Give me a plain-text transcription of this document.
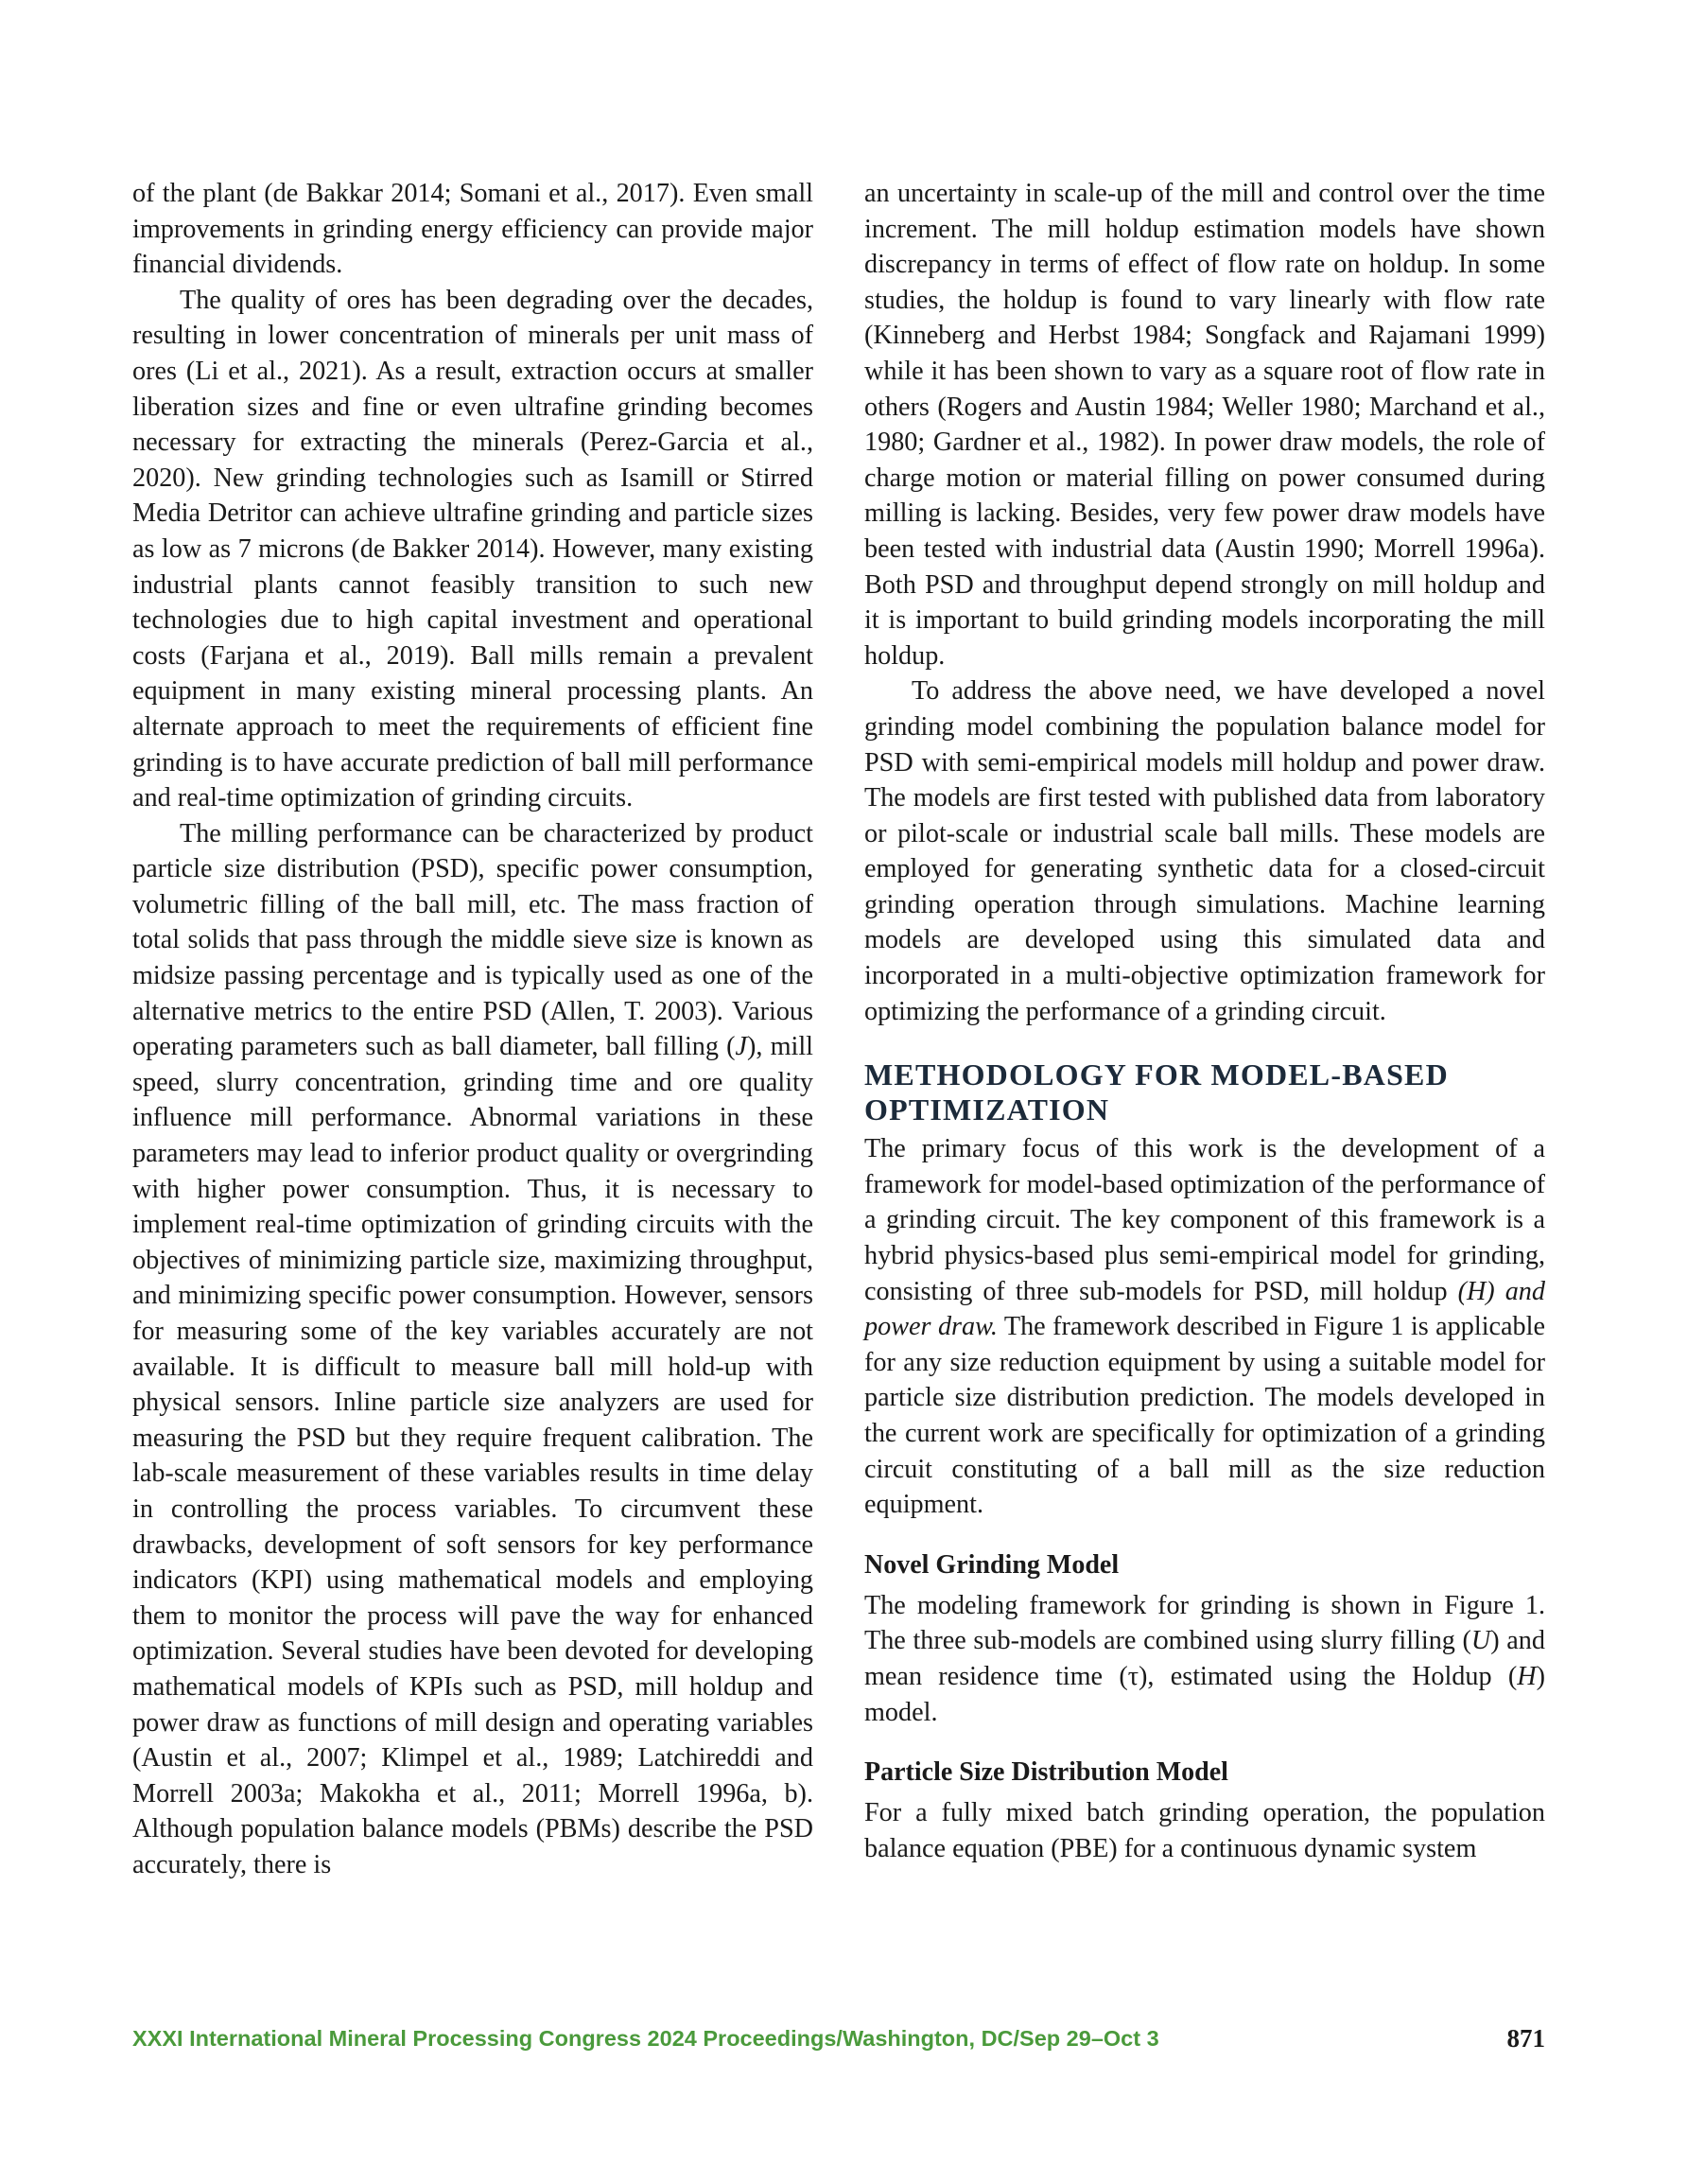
of the plant (de Bakkar 2014; Somani et al., 2017). Even small improvements in grinding energy efficiency can provide major financial dividends.

The quality of ores has been degrading over the decades, resulting in lower concentration of minerals per unit mass of ores (Li et al., 2021). As a result, extraction occurs at smaller liberation sizes and fine or even ultrafine grinding becomes necessary for extracting the minerals (Perez-Garcia et al., 2020). New grinding technologies such as Isamill or Stirred Media Detritor can achieve ultrafine grinding and particle sizes as low as 7 microns (de Bakker 2014). However, many existing industrial plants cannot feasibly transition to such new technologies due to high capital investment and operational costs (Farjana et al., 2019). Ball mills remain a prevalent equipment in many existing mineral processing plants. An alternate approach to meet the requirements of efficient fine grinding is to have accurate prediction of ball mill performance and real-time optimization of grinding circuits.

The milling performance can be characterized by product particle size distribution (PSD), specific power consumption, volumetric filling of the ball mill, etc. The mass fraction of total solids that pass through the middle sieve size is known as midsize passing percentage and is typically used as one of the alternative metrics to the entire PSD (Allen, T. 2003). Various operating parameters such as ball diameter, ball filling (J), mill speed, slurry concentration, grinding time and ore quality influence mill performance. Abnormal variations in these parameters may lead to inferior product quality or overgrinding with higher power consumption. Thus, it is necessary to implement real-time optimization of grinding circuits with the objectives of minimizing particle size, maximizing throughput, and minimizing specific power consumption. However, sensors for measuring some of the key variables accurately are not available. It is difficult to measure ball mill hold-up with physical sensors. Inline particle size analyzers are used for measuring the PSD but they require frequent calibration. The lab-scale measurement of these variables results in time delay in controlling the process variables. To circumvent these drawbacks, development of soft sensors for key performance indicators (KPI) using mathematical models and employing them to monitor the process will pave the way for enhanced optimization. Several studies have been devoted for developing mathematical models of KPIs such as PSD, mill holdup and power draw as functions of mill design and operating variables (Austin et al., 2007; Klimpel et al., 1989; Latchireddi and Morrell 2003a; Makokha et al., 2011; Morrell 1996a, b). Although population balance models (PBMs) describe the PSD accurately, there is

an uncertainty in scale-up of the mill and control over the time increment. The mill holdup estimation models have shown discrepancy in terms of effect of flow rate on holdup. In some studies, the holdup is found to vary linearly with flow rate (Kinneberg and Herbst 1984; Songfack and Rajamani 1999) while it has been shown to vary as a square root of flow rate in others (Rogers and Austin 1984; Weller 1980; Marchand et al., 1980; Gardner et al., 1982). In power draw models, the role of charge motion or material filling on power consumed during milling is lacking. Besides, very few power draw models have been tested with industrial data (Austin 1990; Morrell 1996a). Both PSD and throughput depend strongly on mill holdup and it is important to build grinding models incorporating the mill holdup.

To address the above need, we have developed a novel grinding model combining the population balance model for PSD with semi-empirical models mill holdup and power draw. The models are first tested with published data from laboratory or pilot-scale or industrial scale ball mills. These models are employed for generating synthetic data for a closed-circuit grinding operation through simulations. Machine learning models are developed using this simulated data and incorporated in a multi-objective optimization framework for optimizing the performance of a grinding circuit.

METHODOLOGY FOR MODEL-BASED OPTIMIZATION

The primary focus of this work is the development of a framework for model-based optimization of the performance of a grinding circuit. The key component of this framework is a hybrid physics-based plus semi-empirical model for grinding, consisting of three sub-models for PSD, mill holdup (H) and power draw. The framework described in Figure 1 is applicable for any size reduction equipment by using a suitable model for particle size distribution prediction. The models developed in the current work are specifically for optimization of a grinding circuit constituting of a ball mill as the size reduction equipment.

Novel Grinding Model

The modeling framework for grinding is shown in Figure 1. The three sub-models are combined using slurry filling (U) and mean residence time (τ), estimated using the Holdup (H) model.

Particle Size Distribution Model

For a fully mixed batch grinding operation, the population balance equation (PBE) for a continuous dynamic system

XXXI International Mineral Processing Congress 2024 Proceedings/Washington, DC/Sep 29–Oct 3	871
